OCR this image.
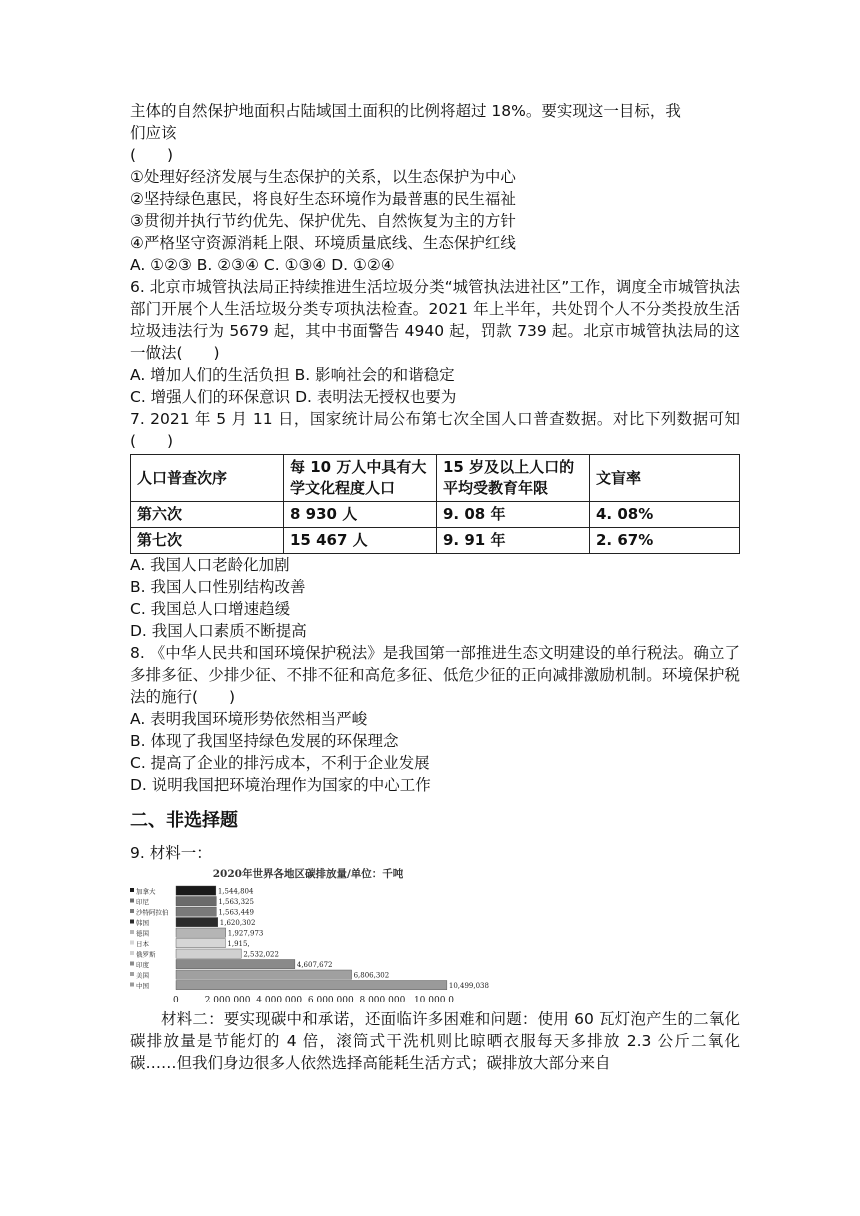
主体的自然保护地面积占陆域国土面积的比例将超过 18%。要实现这一目标，我
们应该
(　　)
①处理好经济发展与生态保护的关系，以生态保护为中心
②坚持绿色惠民，将良好生态环境作为最普惠的民生福祉
③贯彻并执行节约优先、保护优先、自然恢复为主的方针
④严格坚守资源消耗上限、环境质量底线、生态保护红线
A. ①②③ B. ②③④ C. ①③④ D. ①②④
6. 北京市城管执法局正持续推进生活垃圾分类“城管执法进社区”工作，调度全市城管执法部门开展个人生活垃圾分类专项执法检查。2021 年上半年，共处罚个人不分类投放生活垃圾违法行为 5679 起，其中书面警告 4940 起，罚款 739 起。北京市城管执法局的这一做法(　　)
A. 增加人们的生活负担 B. 影响社会的和谐稳定
C. 增强人们的环保意识 D. 表明法无授权也要为
7. 2021 年 5 月 11 日，国家统计局公布第七次全国人口普查数据。对比下列数据可知(　　)
人口普查次序	每 10 万人中具有大学文化程度人口	15 岁及以上人口的平均受教育年限	文盲率
第六次	8 930 人	9. 08 年	4. 08%
第七次	15 467 人	9. 91 年	2. 67%
A. 我国人口老龄化加剧
B. 我国人口性别结构改善
C. 我国总人口增速趋缓
D. 我国人口素质不断提高
8. 《中华人民共和国环境保护税法》是我国第一部推进生态文明建设的单行税法。确立了多排多征、少排少征、不排不征和高危多征、低危少征的正向减排激励机制。环境保护税法的施行(　　)
A. 表明我国环境形势依然相当严峻
B. 体现了我国坚持绿色发展的环保理念
C. 提高了企业的排污成本，不利于企业发展
D. 说明我国把环境治理作为国家的中心工作
二、非选择题
9. 材料一：
2020年世界各地区碳排放量/单位：千吨
加拿大	1,544,804
印尼	1,563,325
沙特阿拉伯	1,563,449
韩国	1,620,302
德国	1,927,973
日本	1,915,
俄罗斯	2,532,022
印度	4,607,672
美国	6,806,302
中国	10,499,038
0	2,000,000 4,000,000 6,000,000 8,000,000 10,000,0
材料二：要实现碳中和承诺，还面临许多困难和问题：使用 60 瓦灯泡产生的二氧化碳排放量是节能灯的 4 倍，滚筒式干洗机则比晾晒衣服每天多排放 2.3 公斤二氧化碳……但我们身边很多人依然选择高能耗生活方式；碳排放大部分来自
